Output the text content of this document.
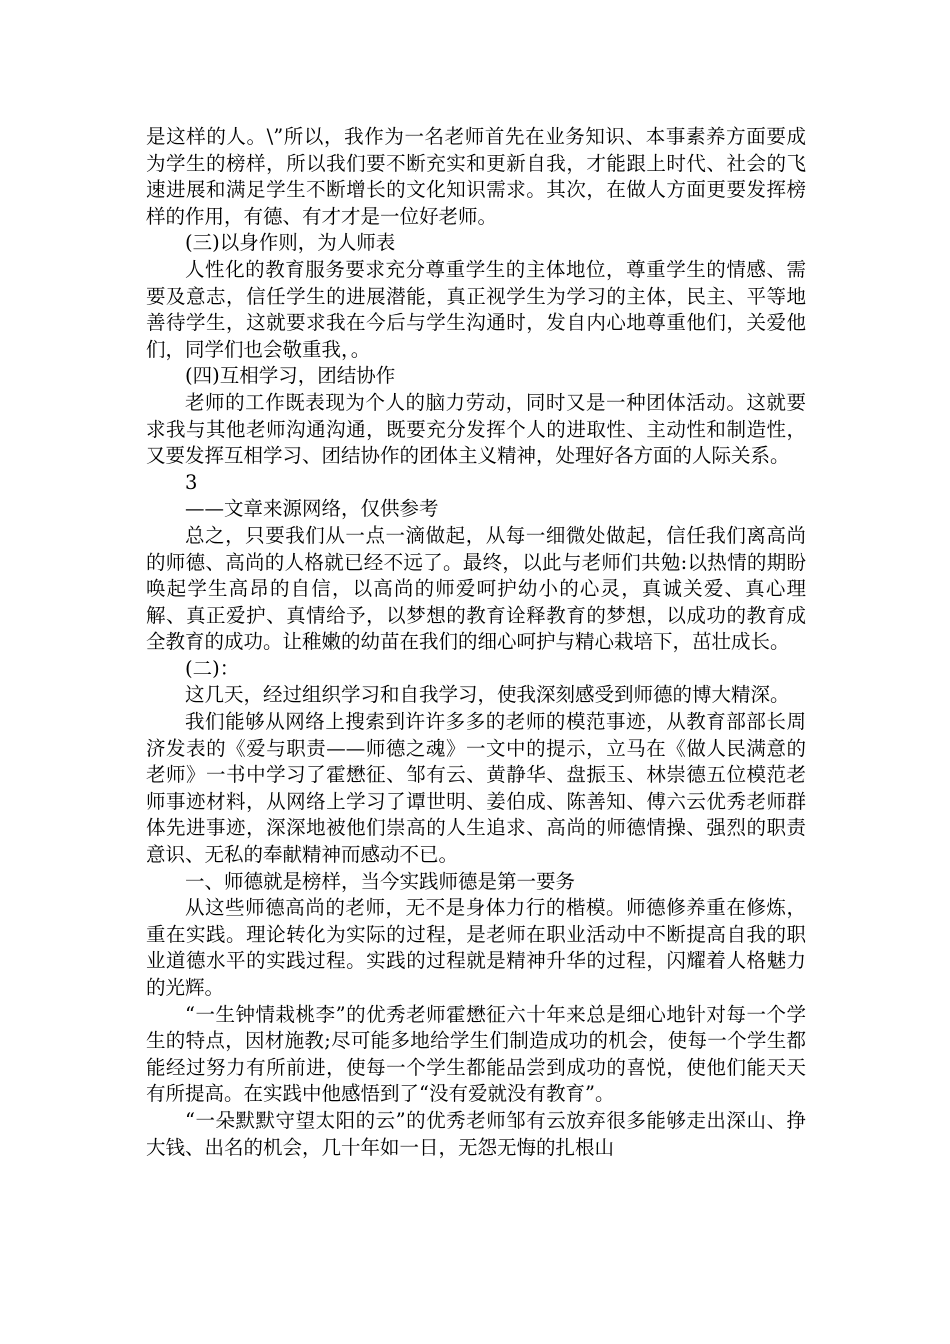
是这样的人。\”所以，我作为一名老师首先在业务知识、本事素养方面要成为学生的榜样，所以我们要不断充实和更新自我，才能跟上时代、社会的飞速进展和满足学生不断增长的文化知识需求。其次，在做人方面更要发挥榜样的作用，有德、有才才是一位好老师。

(三)以身作则，为人师表

人性化的教育服务要求充分尊重学生的主体地位，尊重学生的情感、需要及意志，信任学生的进展潜能，真正视学生为学习的主体，民主、平等地善待学生，这就要求我在今后与学生沟通时，发自内心地尊重他们，关爱他们，同学们也会敬重我，。

(四)互相学习，团结协作

老师的工作既表现为个人的脑力劳动，同时又是一种团体活动。这就要求我与其他老师沟通沟通，既要充分发挥个人的进取性、主动性和制造性，又要发挥互相学习、团结协作的团体主义精神，处理好各方面的人际关系。

3

——文章来源网络，仅供参考

总之，只要我们从一点一滴做起，从每一细微处做起，信任我们离高尚的师德、高尚的人格就已经不远了。最终，以此与老师们共勉:以热情的期盼唤起学生高昂的自信，以高尚的师爱呵护幼小的心灵，真诚关爱、真心理解、真正爱护、真情给予，以梦想的教育诠释教育的梦想，以成功的教育成全教育的成功。让稚嫩的幼苗在我们的细心呵护与精心栽培下，茁壮成长。

(二)：

这几天，经过组织学习和自我学习，使我深刻感受到师德的博大精深。

我们能够从网络上搜索到许许多多的老师的模范事迹，从教育部部长周济发表的《爱与职责——师德之魂》一文中的提示，立马在《做人民满意的老师》一书中学习了霍懋征、邹有云、黄静华、盘振玉、林崇德五位模范老师事迹材料，从网络上学习了谭世明、姜伯成、陈善知、傅六云优秀老师群体先进事迹，深深地被他们崇高的人生追求、高尚的师德情操、强烈的职责意识、无私的奉献精神而感动不已。

一、师德就是榜样，当今实践师德是第一要务

从这些师德高尚的老师，无不是身体力行的楷模。师德修养重在修炼，重在实践。理论转化为实际的过程，是老师在职业活动中不断提高自我的职业道德水平的实践过程。实践的过程就是精神升华的过程，闪耀着人格魅力的光辉。

“一生钟情栽桃李”的优秀老师霍懋征六十年来总是细心地针对每一个学生的特点，因材施教;尽可能多地给学生们制造成功的机会，使每一个学生都能经过努力有所前进，使每一个学生都能品尝到成功的喜悦，使他们能天天有所提高。在实践中他感悟到了“没有爱就没有教育”。

“一朵默默守望太阳的云”的优秀老师邹有云放弃很多能够走出深山、挣大钱、出名的机会，几十年如一日，无怨无悔的扎根山
